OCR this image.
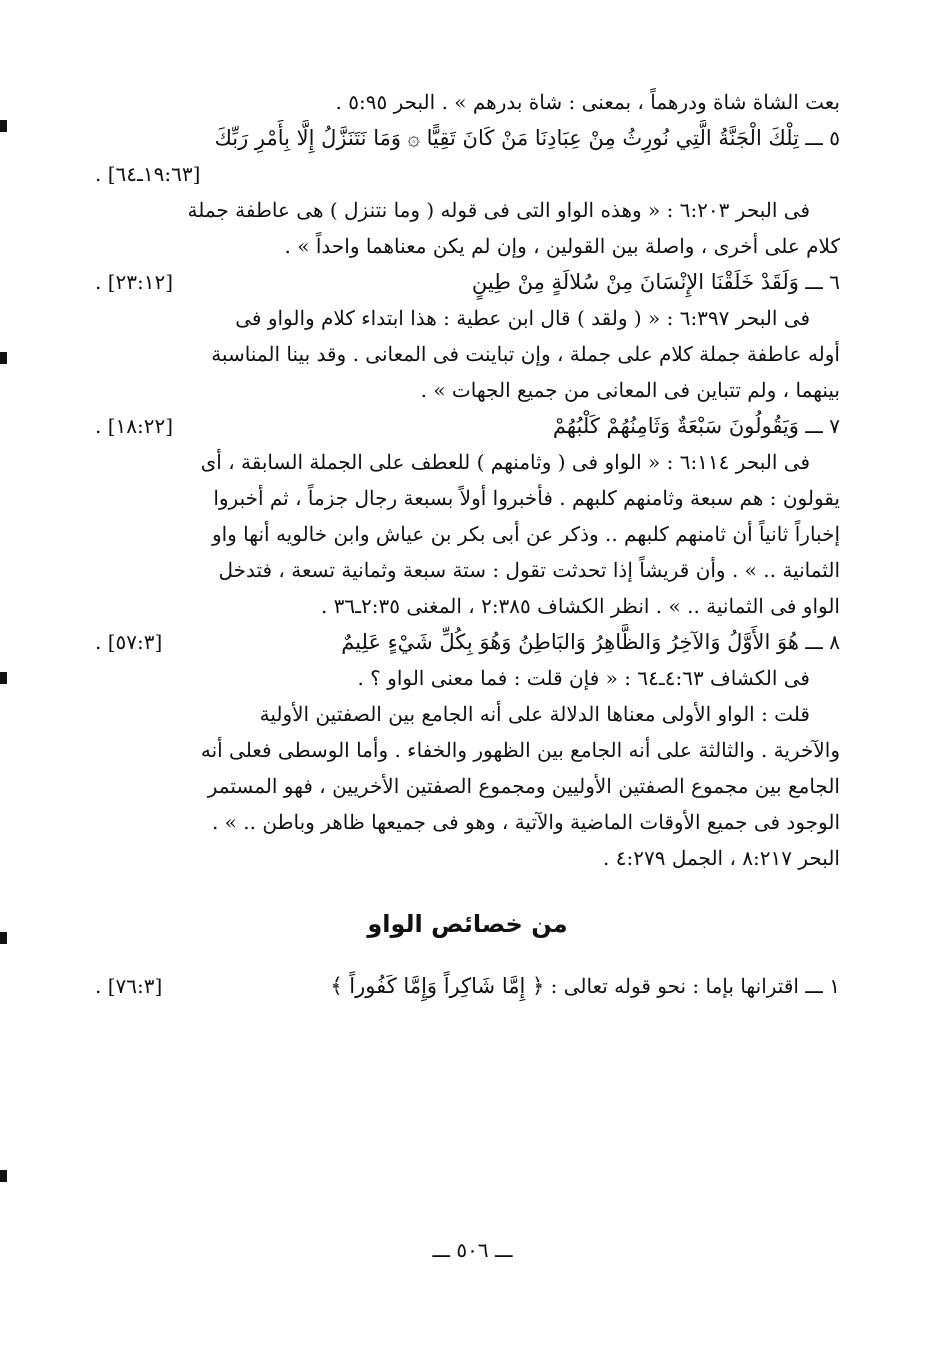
بعت الشاة شاة ودرهماً ، بمعنى : شاة بدرهم » . البحر ٥:٩٥ .
٥ ـــ تِلْكَ الْجَنَّةُ الَّتِي نُورِثُ مِنْ عِبَادِنَا مَنْ كَانَ تَقِيًّا ۞ وَمَا نَتَنَزَّلُ إِلَّا بِأَمْرِ رَبِّكَ
[١٩:٦٣ـ٦٤] .
فى البحر ٦:٢٠٣ : « وهذه الواو التى فى قوله ( وما نتنزل ) هى عاطفة جملة
كلام على أخرى ، واصلة بين القولين ، وإن لم يكن معناهما واحداً » .
٦ ـــ وَلَقَدْ خَلَقْنَا الإِنْسَانَ مِنْ سُلالَةٍ مِنْ طِينٍ
[٢٣:١٢] .
فى البحر ٦:٣٩٧ : « ( ولقد ) قال ابن عطية : هذا ابتداء كلام والواو فى
أوله عاطفة جملة كلام على جملة ، وإن تباينت فى المعانى . وقد بينا المناسبة
بينهما ، ولم تتباين فى المعانى من جميع الجهات » .
٧ ـــ وَيَقُولُونَ سَبْعَةٌ وَثَامِنُهُمْ كَلْبُهُمْ
[١٨:٢٢] .
فى البحر ٦:١١٤ : « الواو فى ( وثامنهم ) للعطف على الجملة السابقة ، أى
يقولون : هم سبعة وثامنهم كلبهم . فأخبروا أولاً بسبعة رجال جزماً ، ثم أخبروا
إخباراً ثانياً أن ثامنهم كلبهم .. وذكر عن أبى بكر بن عياش وابن خالويه أنها واو
الثمانية .. » . وأن قريشاً إذا تحدثت تقول : ستة سبعة وثمانية تسعة ، فتدخل
الواو فى الثمانية .. » . انظر الكشاف ٢:٣٨٥ ، المغنى ٢:٣٥ـ٣٦ .
٨ ـــ هُوَ الأَوَّلُ وَالآخِرُ وَالظَّاهِرُ وَالبَاطِنُ وَهُوَ بِكُلِّ شَيْءٍ عَلِيمٌ
[٥٧:٣] .
فى الكشاف ٤:٦٣ـ٦٤ : « فإن قلت : فما معنى الواو ؟ .
قلت : الواو الأولى معناها الدلالة على أنه الجامع بين الصفتين الأولية
والآخرية . والثالثة على أنه الجامع بين الظهور والخفاء . وأما الوسطى فعلى أنه
الجامع بين مجموع الصفتين الأوليين ومجموع الصفتين الأخريين ، فهو المستمر
الوجود فى جميع الأوقات الماضية والآتية ، وهو فى جميعها ظاهر وباطن .. » .
البحر ٨:٢١٧ ، الجمل ٤:٢٧٩ .
من خصائص الواو
١ ـــ اقترانها بإما : نحو قوله تعالى : ﴿ إِمَّا شَاكِراً وَإِمَّا كَفُوراً ﴾
[٧٦:٣] .
ـــ ٥٠٦ ـــ
